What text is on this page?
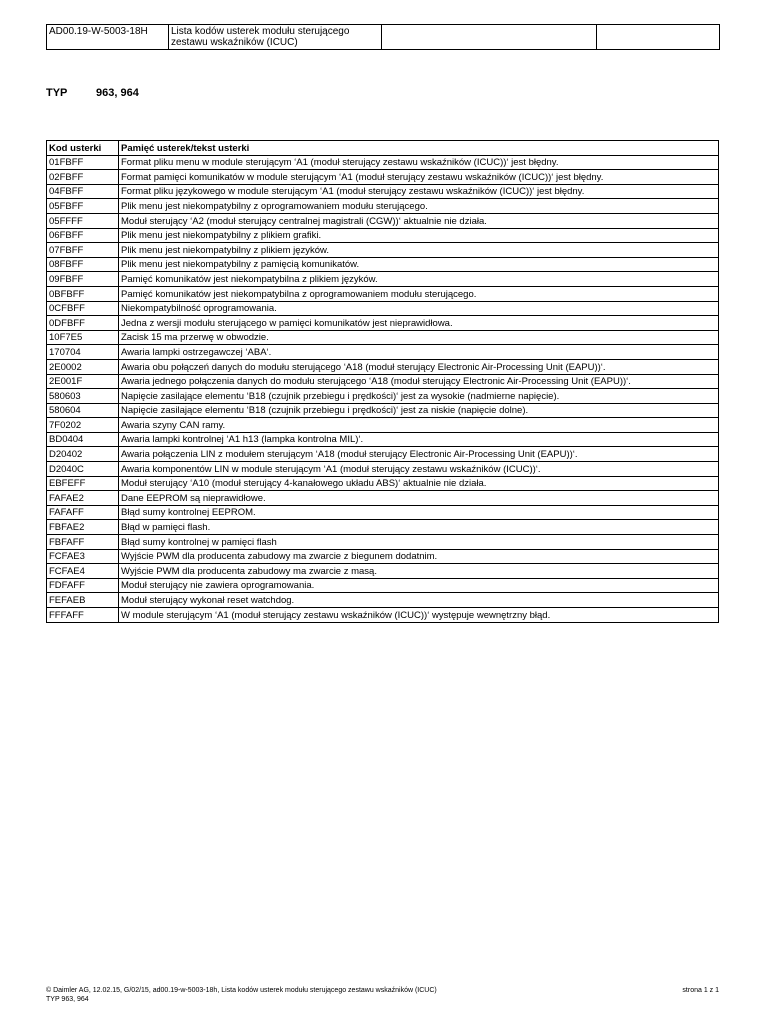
AD00.19-W-5003-18H	Lista kodów usterek modułu sterującego zestawu wskaźników (ICUC)		
TYP	963, 964
Kod usterki	Pamięć usterek/tekst usterki
01FBFF	Format pliku menu w module sterującym ‘A1 (moduł sterujący zestawu wskaźników (ICUC))‘ jest błędny.
02FBFF	Format pamięci komunikatów w module sterującym ‘A1 (moduł sterujący zestawu wskaźników (ICUC))‘ jest błędny.
04FBFF	Format pliku językowego w module sterującym ‘A1 (moduł sterujący zestawu wskaźników (ICUC))‘ jest błędny.
05FBFF	Plik menu jest niekompatybilny z oprogramowaniem modułu sterującego.
05FFFF	Moduł sterujący ‘A2 (moduł sterujący centralnej magistrali (CGW))‘ aktualnie nie działa.
06FBFF	Plik menu jest niekompatybilny z plikiem grafiki.
07FBFF	Plik menu jest niekompatybilny z plikiem języków.
08FBFF	Plik menu jest niekompatybilny z pamięcią komunikatów.
09FBFF	Pamięć komunikatów jest niekompatybilna z plikiem języków.
0BFBFF	Pamięć komunikatów jest niekompatybilna z oprogramowaniem modułu sterującego.
0CFBFF	Niekompatybilność oprogramowania.
0DFBFF	Jedna z wersji modułu sterującego w pamięci komunikatów jest nieprawidłowa.
10F7E5	Zacisk 15 ma przerwę w obwodzie.
170704	Awaria lampki ostrzegawczej ‘ABA‘.
2E0002	Awaria obu połączeń danych do modułu sterującego ‘A18 (moduł sterujący Electronic Air-Processing Unit (EAPU))‘.
2E001F	Awaria jednego połączenia danych do modułu sterującego ‘A18 (moduł sterujący Electronic Air-Processing Unit (EAPU))‘.
580603	Napięcie zasilające elementu ‘B18 (czujnik przebiegu i prędkości)‘ jest za wysokie (nadmierne napięcie).
580604	Napięcie zasilające elementu ‘B18 (czujnik przebiegu i prędkości)‘ jest za niskie (napięcie dolne).
7F0202	Awaria szyny CAN ramy.
BD0404	Awaria lampki kontrolnej ‘A1 h13 (lampka kontrolna MIL)‘.
D20402	Awaria połączenia LIN z modułem sterującym ‘A18 (moduł sterujący Electronic Air-Processing Unit (EAPU))‘.
D2040C	Awaria komponentów LIN w module sterującym ‘A1 (moduł sterujący zestawu wskaźników (ICUC))‘.
EBFEFF	Moduł sterujący ‘A10 (moduł sterujący 4-kanałowego układu ABS)‘ aktualnie nie działa.
FAFAE2	Dane EEPROM są nieprawidłowe.
FAFAFF	Błąd sumy kontrolnej EEPROM.
FBFAE2	Błąd w pamięci flash.
FBFAFF	Błąd sumy kontrolnej w pamięci flash
FCFAE3	Wyjście PWM dla producenta zabudowy ma zwarcie z biegunem dodatnim.
FCFAE4	Wyjście PWM dla producenta zabudowy ma zwarcie z masą.
FDFAFF	Moduł sterujący nie zawiera oprogramowania.
FEFAEB	Moduł sterujący wykonał reset watchdog.
FFFAFF	W module sterującym ‘A1 (moduł sterujący zestawu wskaźników (ICUC))‘ występuje wewnętrzny błąd.
© Daimler AG, 12.02.15, G/02/15, ad00.19-w-5003-18h, Lista kodów usterek modułu sterującego zestawu wskaźników (ICUC)
TYP 963, 964
strona 1 z 1
